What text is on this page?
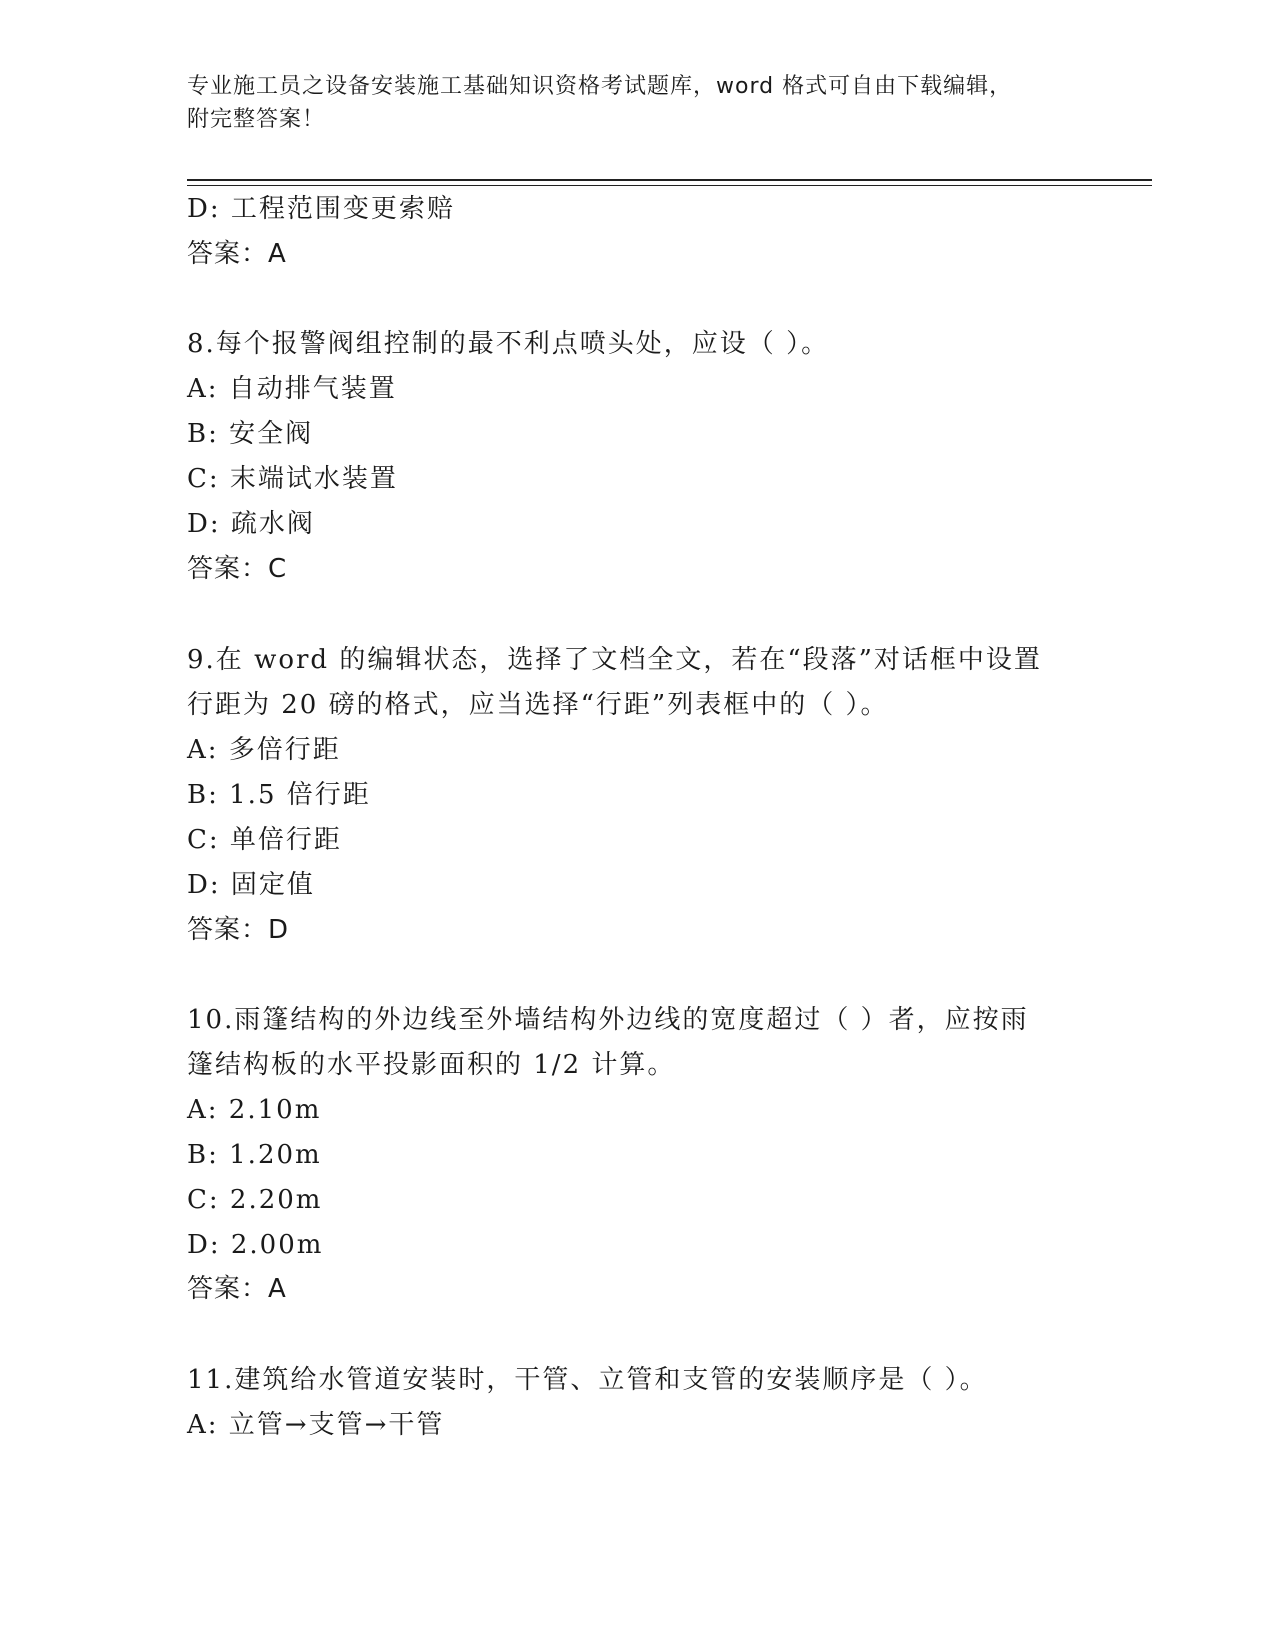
专业施工员之设备安装施工基础知识资格考试题库，word 格式可自由下载编辑，
附完整答案！
D: 工程范围变更索赔
答案：A
8.每个报警阀组控制的最不利点喷头处，应设（ ）。
A: 自动排气装置
B: 安全阀
C: 末端试水装置
D: 疏水阀
答案：C
9.在 word 的编辑状态，选择了文档全文，若在“段落”对话框中设置
行距为 20 磅的格式，应当选择“行距”列表框中的（ ）。
A: 多倍行距
B: 1.5 倍行距
C: 单倍行距
D: 固定值
答案：D
10.雨篷结构的外边线至外墙结构外边线的宽度超过（ ）者，应按雨
篷结构板的水平投影面积的 1/2 计算。
A: 2.10m
B: 1.20m
C: 2.20m
D: 2.00m
答案：A
11.建筑给水管道安装时，干管、立管和支管的安装顺序是（ ）。
A: 立管→支管→干管
